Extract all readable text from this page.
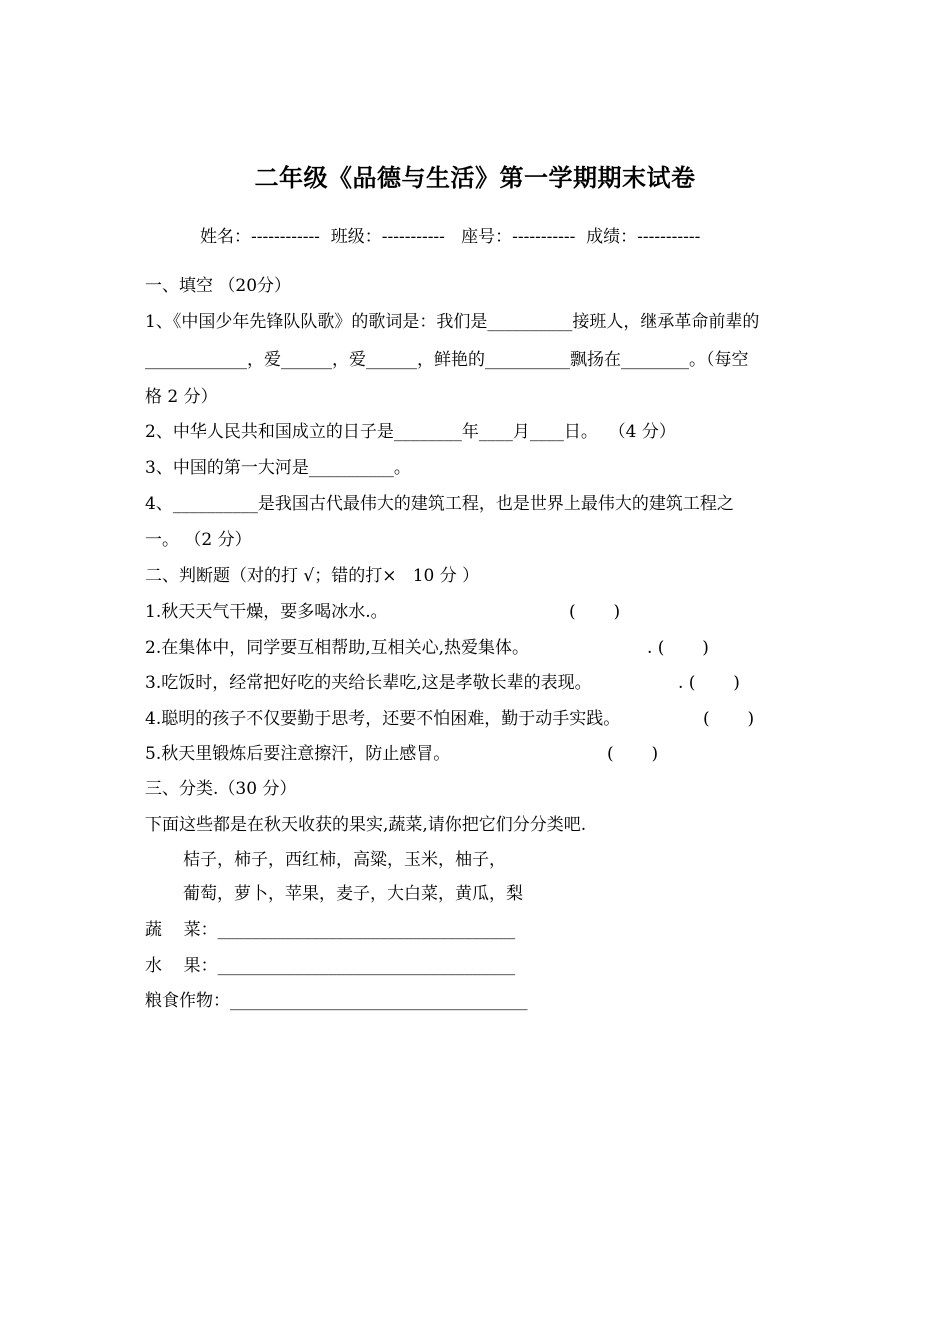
二年级《品德与生活》第一学期期末试卷
姓名：------------  班级：-----------   座号：-----------  成绩：-----------
一、填空 （20分）
1、《中国少年先锋队队歌》的歌词是：我们是__________接班人，继承革命前辈的
____________，爱______，爱______，鲜艳的__________飘扬在________。（每空
格 2 分）
2、中华人民共和国成立的日子是________年____月____日。  （4 分）
3、中国的第一大河是__________。
4、__________是我国古代最伟大的建筑工程，也是世界上最伟大的建筑工程之
一。 （2 分）
二、判断题（对的打 √；错的打×   10 分 ）
1.秋天天气干燥，要多喝冰水.。	(       )
2.在集体中，同学要互相帮助,互相关心,热爱集体。	. (       )
3.吃饭时，经常把好吃的夹给长辈吃,这是孝敬长辈的表现。	. (       )
4.聪明的孩子不仅要勤于思考，还要不怕困难，勤于动手实践。	(       )
5.秋天里锻炼后要注意擦汗，防止感冒。	(       )
三、分类.（30 分）
下面这些都是在秋天收获的果实,蔬菜,请你把它们分分类吧.
桔子，柿子，西红柿，高粱，玉米，柚子，
葡萄，萝卜，苹果，麦子，大白菜，黄瓜，梨
蔬    菜：___________________________________
水    果：___________________________________
粮食作物：___________________________________
